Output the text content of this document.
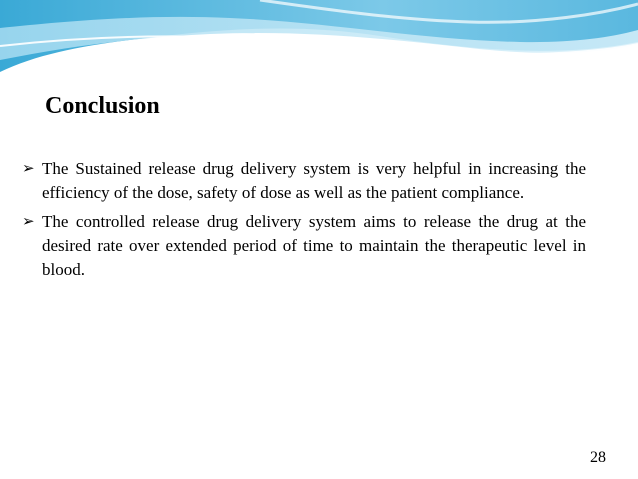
Conclusion
➢ The Sustained release drug delivery system is very helpful in increasing the efficiency of the dose, safety of dose as well as the patient compliance.
➢ The controlled release drug delivery system aims to release the drug at the desired rate over extended period of time to maintain the therapeutic level in blood.
28
